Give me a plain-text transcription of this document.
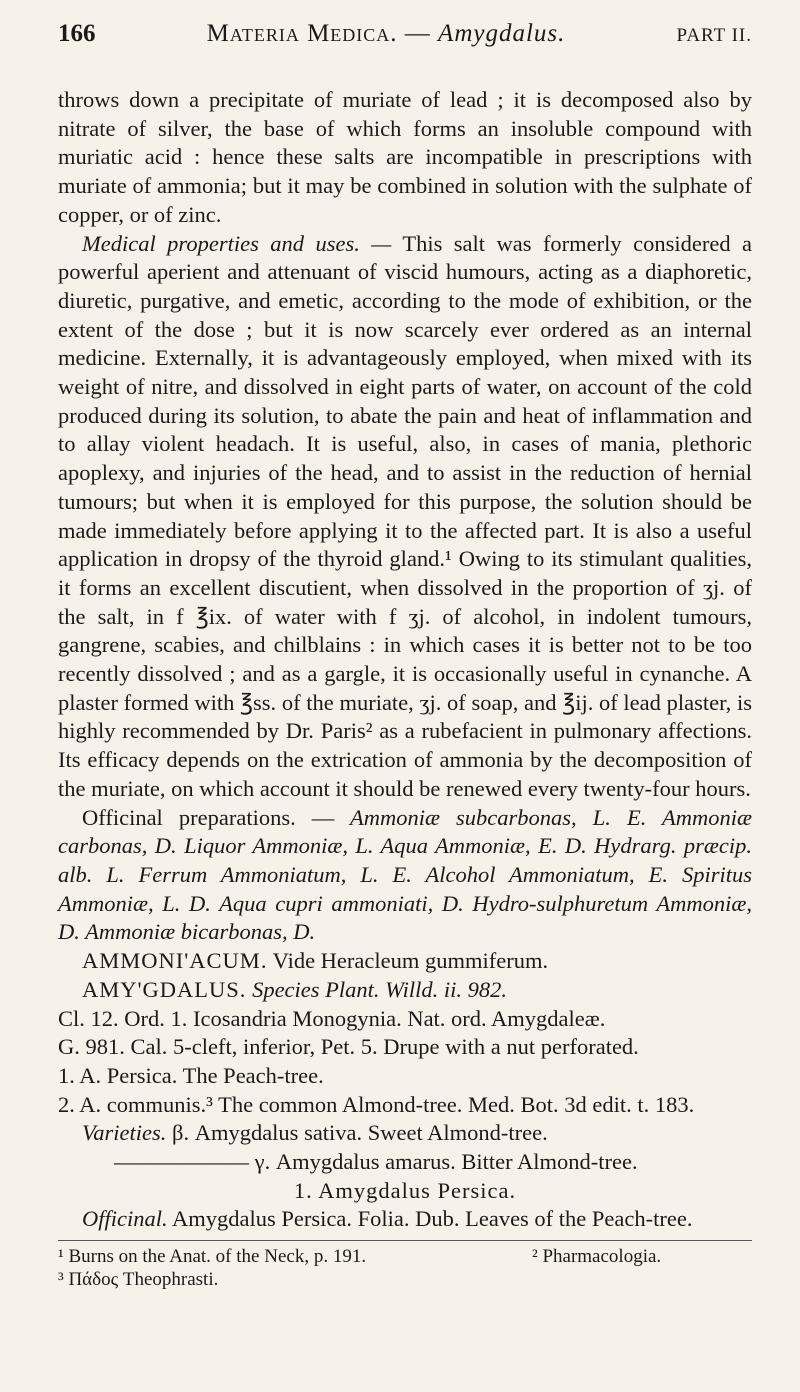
166	Materia Medica. — Amygdalus.	PART II.

throws down a precipitate of muriate of lead ; it is decomposed also by nitrate of silver, the base of which forms an insoluble compound with muriatic acid : hence these salts are incompatible in prescriptions with muriate of ammonia; but it may be combined in solution with the sulphate of copper, or of zinc.

Medical properties and uses. — This salt was formerly considered a powerful aperient and attenuant of viscid humours, acting as a diaphoretic, diuretic, purgative, and emetic, according to the mode of exhibition, or the extent of the dose ; but it is now scarcely ever ordered as an internal medicine. Externally, it is advantageously employed, when mixed with its weight of nitre, and dissolved in eight parts of water, on account of the cold produced during its solution, to abate the pain and heat of inflammation and to allay violent headach. It is useful, also, in cases of mania, plethoric apoplexy, and injuries of the head, and to assist in the reduction of hernial tumours; but when it is employed for this purpose, the solution should be made immediately before applying it to the affected part. It is also a useful application in dropsy of the thyroid gland.¹ Owing to its stimulant qualities, it forms an excellent discutient, when dissolved in the proportion of ʒj. of the salt, in f ℥ix. of water with f ʒj. of alcohol, in indolent tumours, gangrene, scabies, and chilblains : in which cases it is better not to be too recently dissolved ; and as a gargle, it is occasionally useful in cynanche. A plaster formed with ℥ss. of the muriate, ʒj. of soap, and ℥ij. of lead plaster, is highly recommended by Dr. Paris² as a rubefacient in pulmonary affections. Its efficacy depends on the extrication of ammonia by the decomposition of the muriate, on which account it should be renewed every twenty-four hours.

Officinal preparations. — Ammoniæ subcarbonas, L. E. Ammoniæ carbonas, D. Liquor Ammoniæ, L. Aqua Ammoniæ, E. D. Hydrarg. præcip. alb. L. Ferrum Ammoniatum, L. E. Alcohol Ammoniatum, E. Spiritus Ammoniæ, L. D. Aqua cupri ammoniati, D. Hydro-sulphuretum Ammoniæ, D. Ammoniæ bicarbonas, D.

AMMONI'ACUM. Vide Heracleum gummiferum.

AMY'GDALUS. Species Plant. Willd. ii. 982.

Cl. 12. Ord. 1. Icosandria Monogynia. Nat. ord. Amygdaleæ.

G. 981. Cal. 5-cleft, inferior, Pet. 5. Drupe with a nut perforated.

1. A. Persica. The Peach-tree.

2. A. communis.³ The common Almond-tree. Med. Bot. 3d edit. t. 183.

Varieties. β. Amygdalus sativa. Sweet Almond-tree.

—————— γ. Amygdalus amarus. Bitter Almond-tree.

1. Amygdalus Persica.

Officinal. Amygdalus Persica. Folia. Dub. Leaves of the Peach-tree.

¹ Burns on the Anat. of the Neck, p. 191.	² Pharmacologia.
³ Πάδος Theophrasti.
